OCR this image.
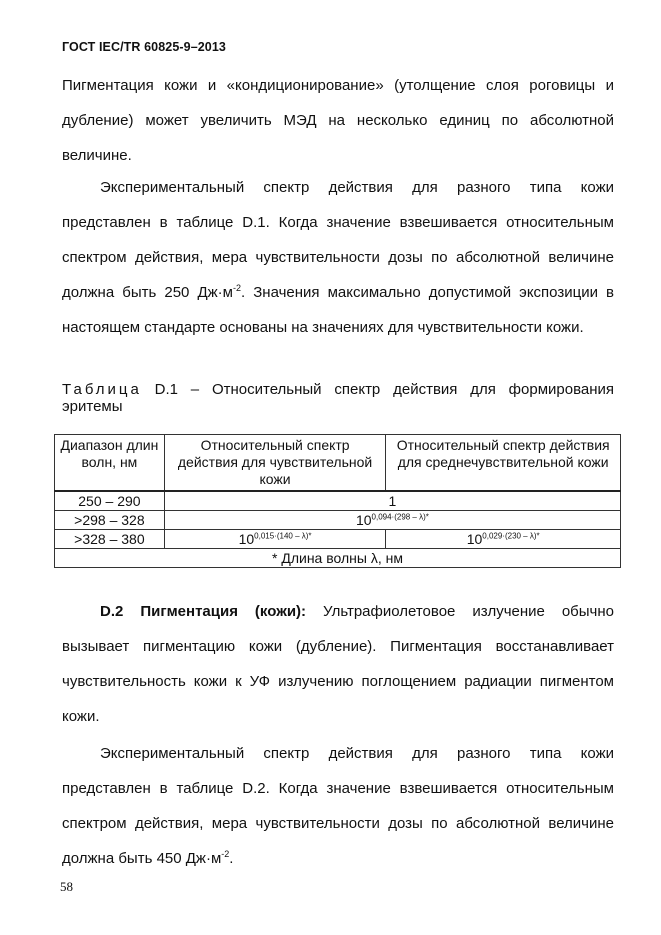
ГОСТ IEC/TR 60825-9–2013
Пигментация кожи и «кондиционирование» (утолщение слоя роговицы и дубление) может увеличить МЭД на несколько единиц по абсолютной величине.
Экспериментальный спектр действия для разного типа кожи представлен в таблице D.1. Когда значение взвешивается относительным спектром действия, мера чувствительности дозы по абсолютной величине должна быть 250 $Дж\cdot м^{-2}$. Значения максимально допустимой экспозиции в настоящем стандарте основаны на значениях для чувствительности кожи.
Таблица D.1 – Относительный спектр действия для формирования эритемы
Диапазон длин волн, нм	Относительный спектр действия для чувствительной кожи	Относительный спектр действия для среднечувствительной кожи
250 – 290	1	
>298 – 328	$10^{0,094\cdot(298 - \lambda)*}$
>328 – 380	$10^{0,015\cdot(140 - \lambda)*}$	$10^{0,029\cdot(230 - \lambda)*}$
* Длина волны λ, нм		
D.2 Пигментация (кожи): Ультрафиолетовое излучение обычно вызывает пигментацию кожи (дубление). Пигментация восстанавливает чувствительность кожи к УФ излучению поглощением радиации пигментом кожи.
Экспериментальный спектр действия для разного типа кожи представлен в таблице D.2. Когда значение взвешивается относительным спектром действия, мера чувствительности дозы по абсолютной величине должна быть 450 $Дж\cdot м^{-2}$.
58
